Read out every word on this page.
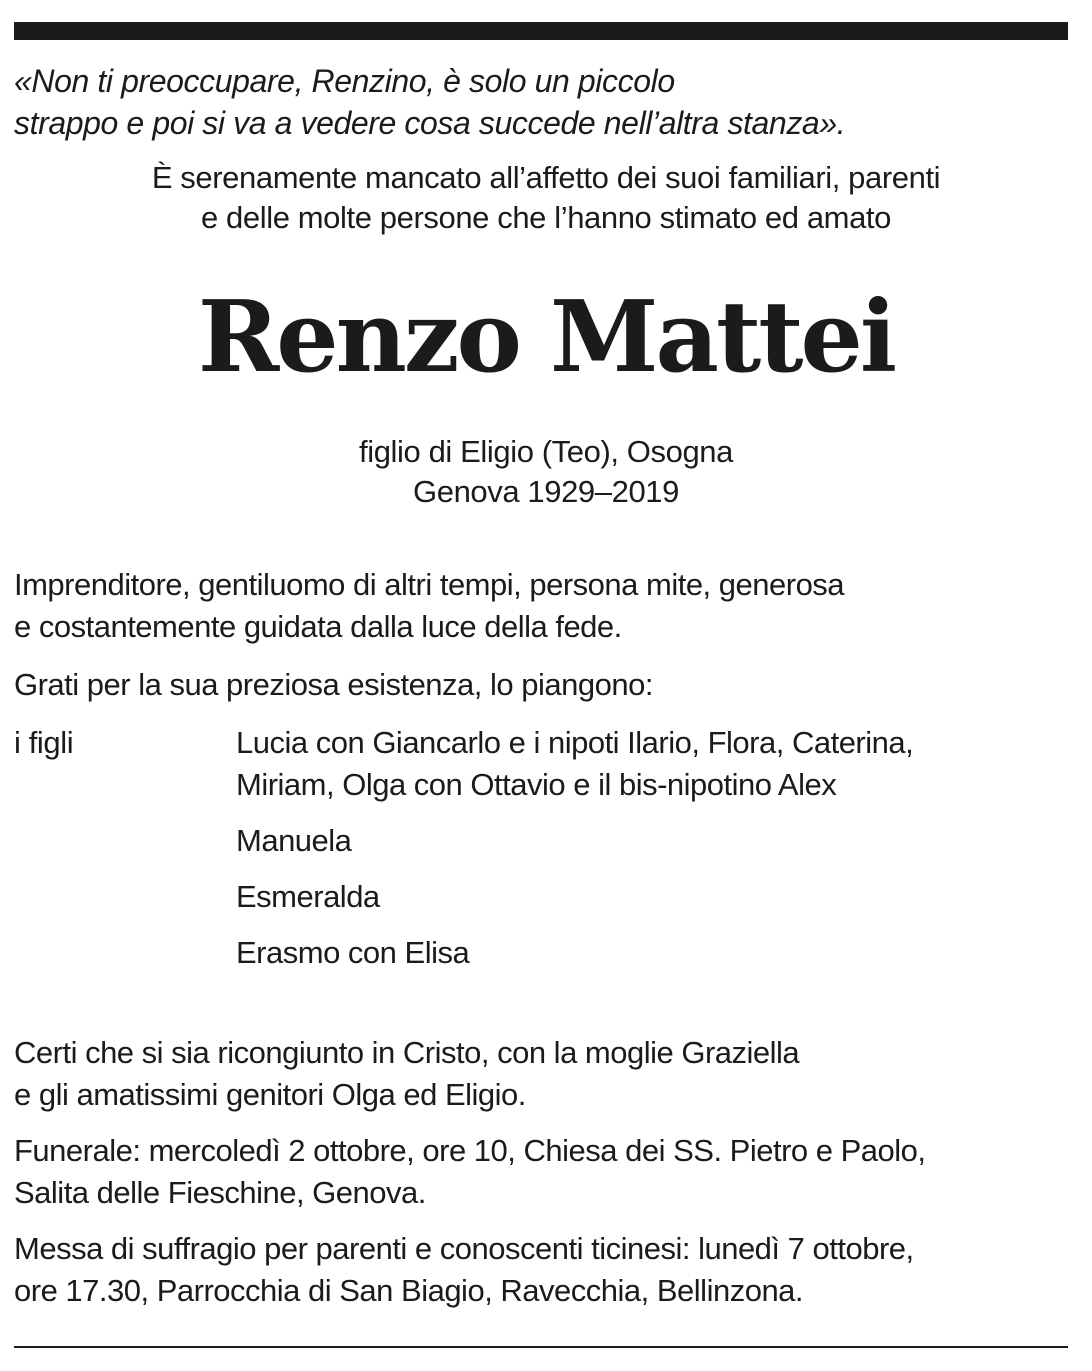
«Non ti preoccupare, Renzino, è solo un piccolo
strappo e poi si va a vedere cosa succede nell’altra stanza».
È serenamente mancato all’affetto dei suoi familiari, parenti
e delle molte persone che l’hanno stimato ed amato
Renzo Mattei
figlio di Eligio (Teo), Osogna
Genova 1929–2019
Imprenditore, gentiluomo di altri tempi, persona mite, generosa
e costantemente guidata dalla luce della fede.
Grati per la sua preziosa esistenza, lo piangono:
i figli	Lucia con Giancarlo e i nipoti Ilario, Flora, Caterina,
Miriam, Olga con Ottavio e il bis-nipotino Alex
Manuela
Esmeralda
Erasmo con Elisa
Certi che si sia ricongiunto in Cristo, con la moglie Graziella
e gli amatissimi genitori Olga ed Eligio.
Funerale: mercoledì 2 ottobre, ore 10, Chiesa dei SS. Pietro e Paolo,
Salita delle Fieschine, Genova.
Messa di suffragio per parenti e conoscenti ticinesi: lunedì 7 ottobre,
ore 17.30, Parrocchia di San Biagio, Ravecchia, Bellinzona.
